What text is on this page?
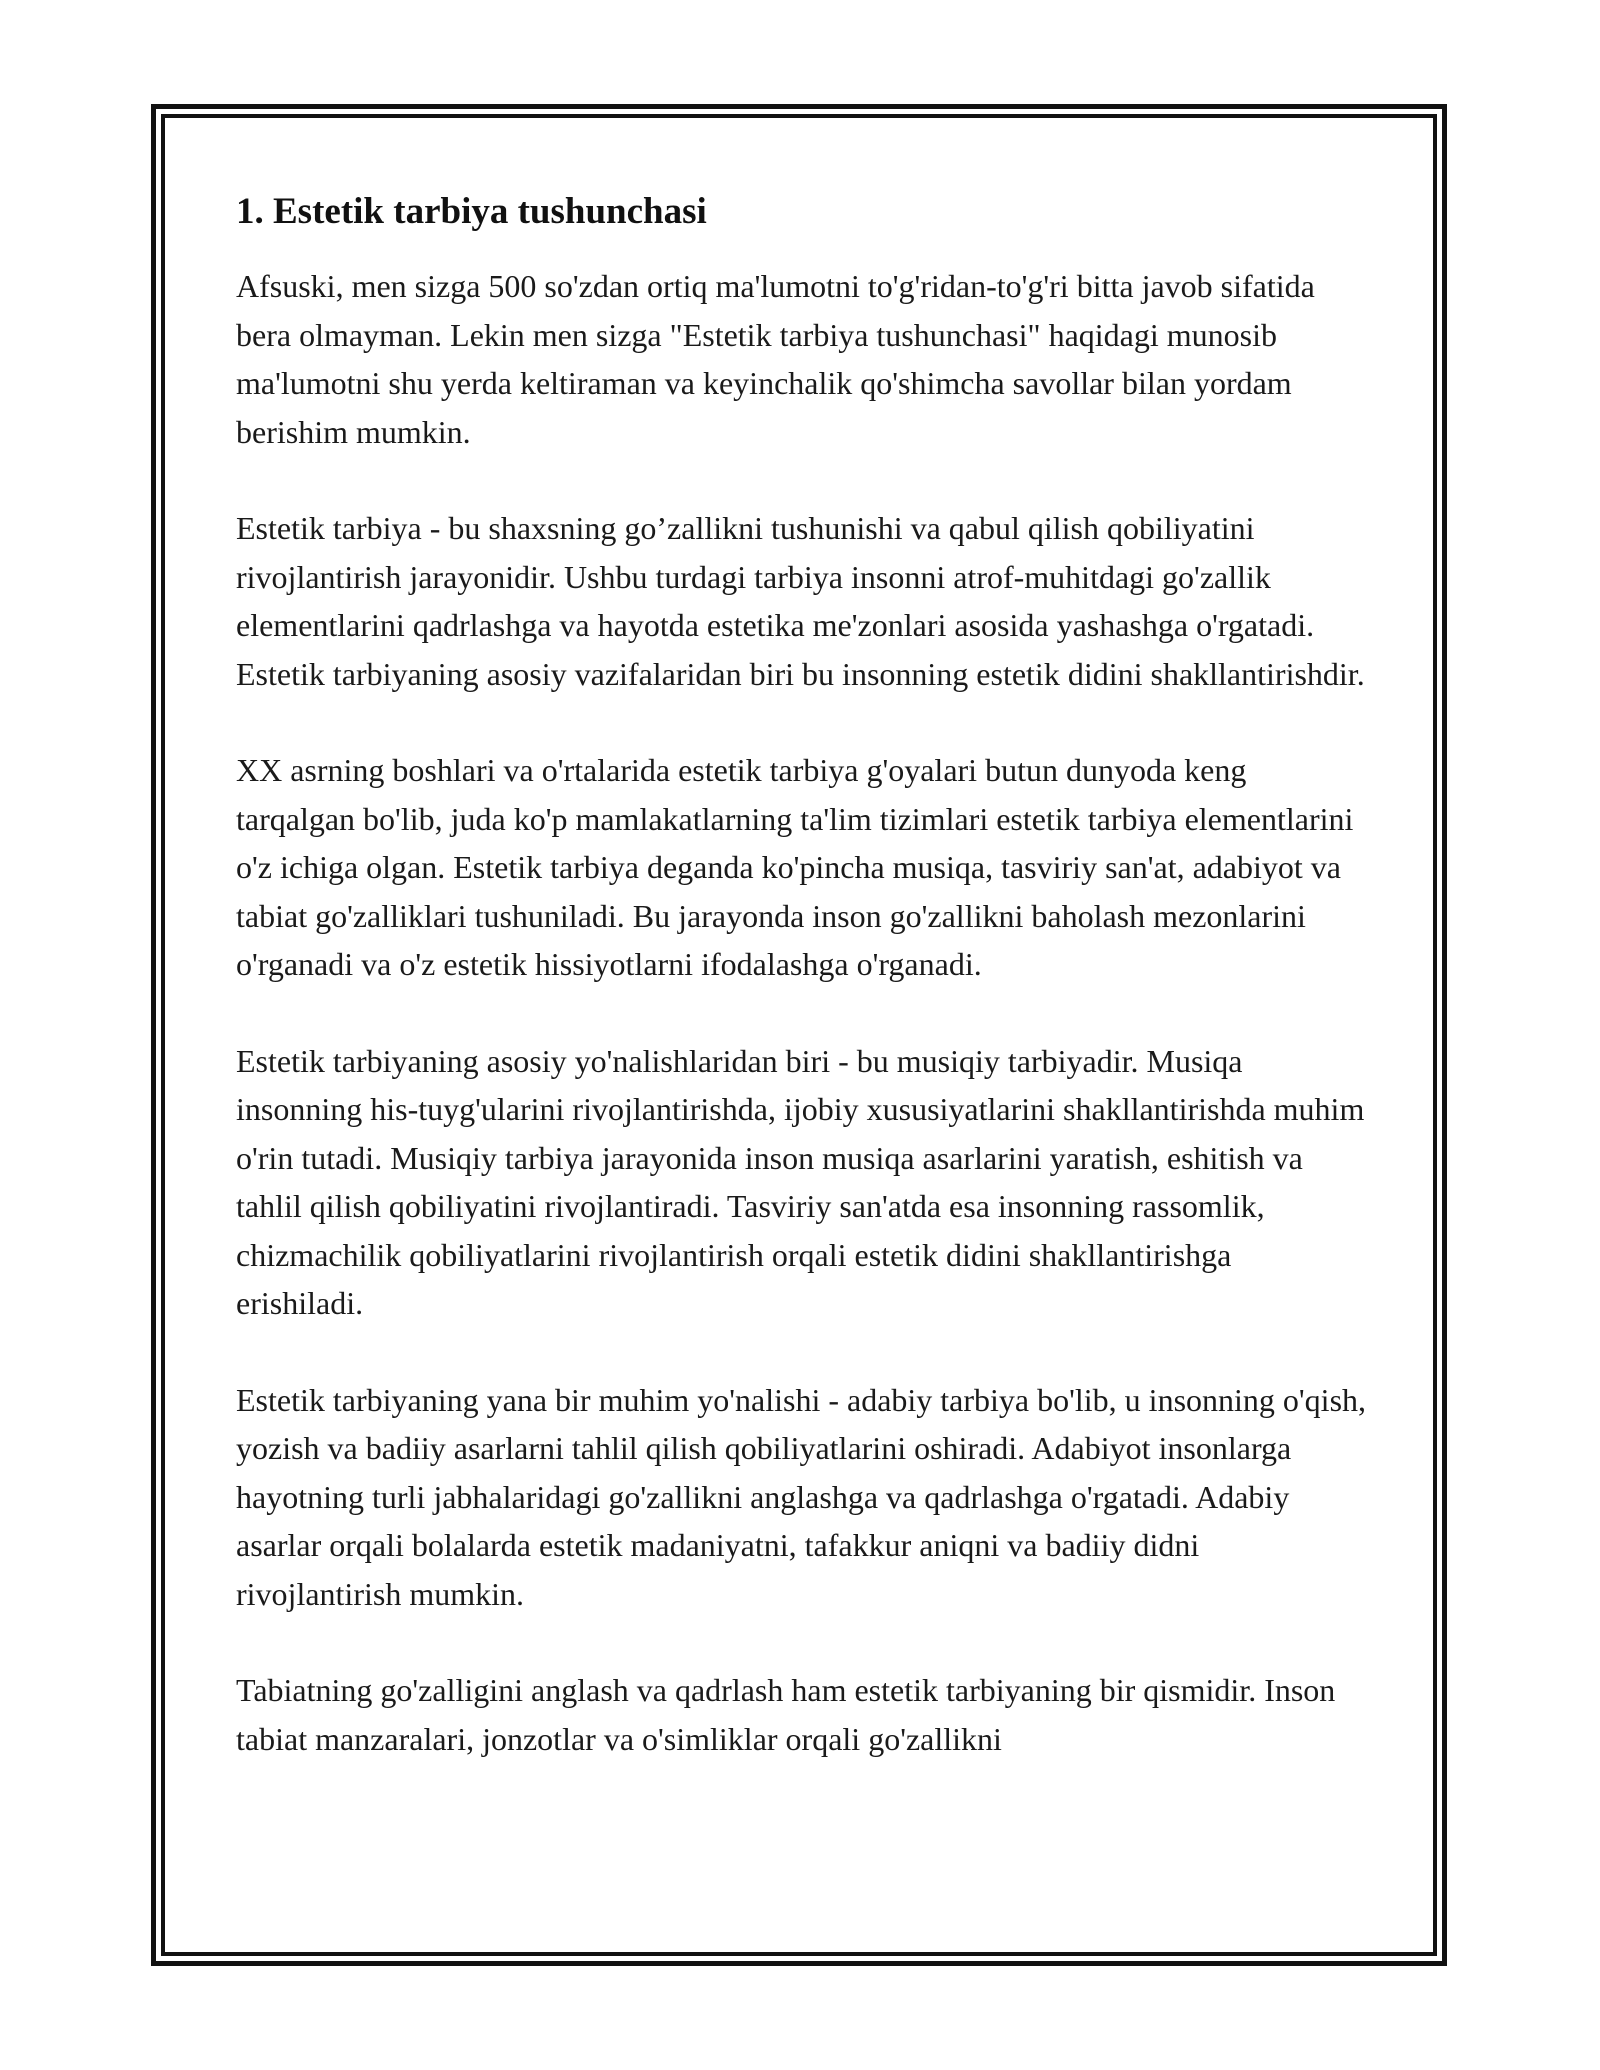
1. Estetik tarbiya tushunchasi

Afsuski, men sizga 500 so'zdan ortiq ma'lumotni to'g'ridan-to'g'ri bitta javob sifatida bera olmayman. Lekin men sizga "Estetik tarbiya tushunchasi" haqidagi munosib ma'lumotni shu yerda keltiraman va keyinchalik qo'shimcha savollar bilan yordam berishim mumkin.

Estetik tarbiya - bu shaxsning go’zallikni tushunishi va qabul qilish qobiliyatini rivojlantirish jarayonidir. Ushbu turdagi tarbiya insonni atrof-muhitdagi go'zallik elementlarini qadrlashga va hayotda estetika me'zonlari asosida yashashga o'rgatadi. Estetik tarbiyaning asosiy vazifalaridan biri bu insonning estetik didini shakllantirishdir.

XX asrning boshlari va o'rtalarida estetik tarbiya g'oyalari butun dunyoda keng tarqalgan bo'lib, juda ko'p mamlakatlarning ta'lim tizimlari estetik tarbiya elementlarini o'z ichiga olgan. Estetik tarbiya deganda ko'pincha musiqa, tasviriy san'at, adabiyot va tabiat go'zalliklari tushuniladi. Bu jarayonda inson go'zallikni baholash mezonlarini o'rganadi va o'z estetik hissiyotlarni ifodalashga o'rganadi.

Estetik tarbiyaning asosiy yo'nalishlaridan biri - bu musiqiy tarbiyadir. Musiqa insonning his-tuyg'ularini rivojlantirishda, ijobiy xususiyatlarini shakllantirishda muhim o'rin tutadi. Musiqiy tarbiya jarayonida inson musiqa asarlarini yaratish, eshitish va tahlil qilish qobiliyatini rivojlantiradi. Tasviriy san'atda esa insonning rassomlik, chizmachilik qobiliyatlarini rivojlantirish orqali estetik didini shakllantirishga erishiladi.

Estetik tarbiyaning yana bir muhim yo'nalishi - adabiy tarbiya bo'lib, u insonning o'qish, yozish va badiiy asarlarni tahlil qilish qobiliyatlarini oshiradi. Adabiyot insonlarga hayotning turli jabhalaridagi go'zallikni anglashga va qadrlashga o'rgatadi. Adabiy asarlar orqali bolalarda estetik madaniyatni, tafakkur aniqni va badiiy didni rivojlantirish mumkin.

Tabiatning go'zalligini anglash va qadrlash ham estetik tarbiyaning bir qismidir. Inson tabiat manzaralari, jonzotlar va o'simliklar orqali go'zallikni
